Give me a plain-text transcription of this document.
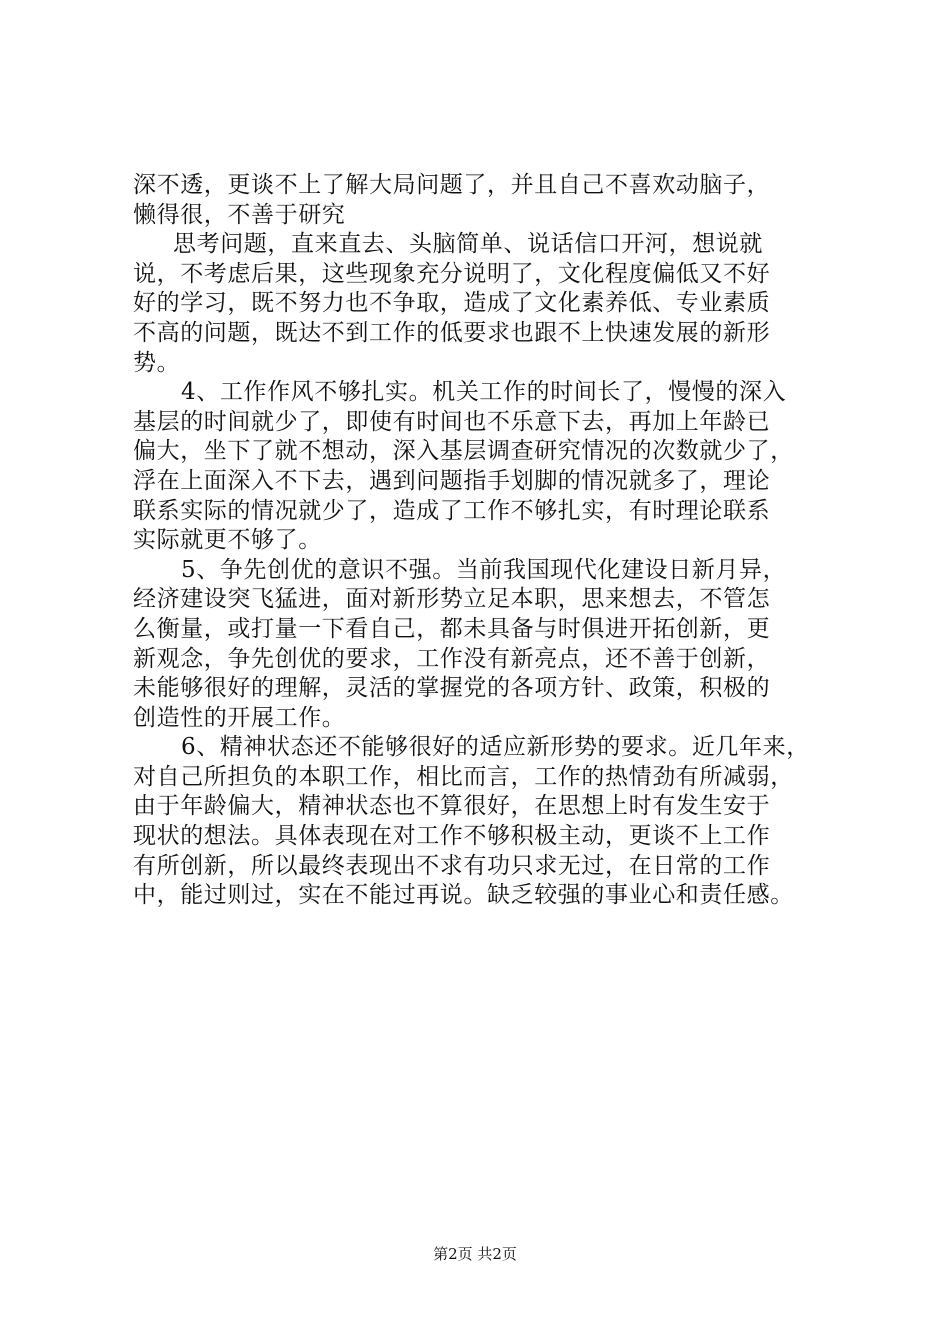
深不透，更谈不上了解大局问题了，并且自己不喜欢动脑子，
懒得很，不善于研究
思考问题，直来直去、头脑简单、说话信口开河，想说就
说，不考虑后果，这些现象充分说明了，文化程度偏低又不好
好的学习，既不努力也不争取，造成了文化素养低、专业素质
不高的问题，既达不到工作的低要求也跟不上快速发展的新形
势。
4、工作作风不够扎实。机关工作的时间长了，慢慢的深入
基层的时间就少了，即使有时间也不乐意下去，再加上年龄已
偏大，坐下了就不想动，深入基层调查研究情况的次数就少了，
浮在上面深入不下去，遇到问题指手划脚的情况就多了，理论
联系实际的情况就少了，造成了工作不够扎实，有时理论联系
实际就更不够了。
5、争先创优的意识不强。当前我国现代化建设日新月异，
经济建设突飞猛进，面对新形势立足本职，思来想去，不管怎
么衡量，或打量一下看自己，都未具备与时俱进开拓创新，更
新观念，争先创优的要求，工作没有新亮点，还不善于创新，
未能够很好的理解，灵活的掌握党的各项方针、政策，积极的
创造性的开展工作。
6、精神状态还不能够很好的适应新形势的要求。近几年来，
对自己所担负的本职工作，相比而言，工作的热情劲有所减弱，
由于年龄偏大，精神状态也不算很好，在思想上时有发生安于
现状的想法。具体表现在对工作不够积极主动，更谈不上工作
有所创新，所以最终表现出不求有功只求无过，在日常的工作
中，能过则过，实在不能过再说。缺乏较强的事业心和责任感。
第2页 共2页
